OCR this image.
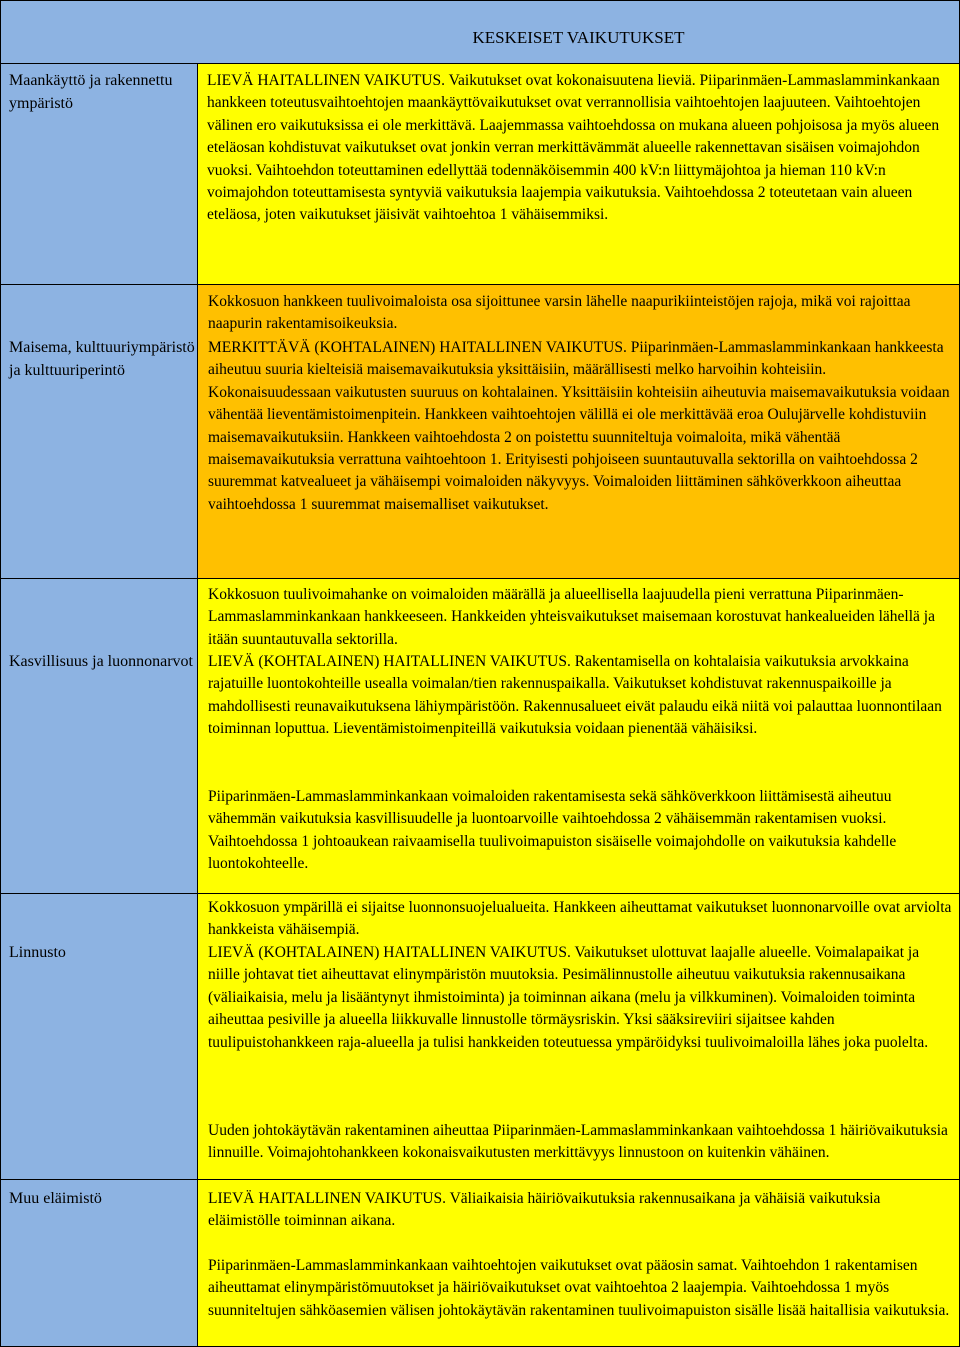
KESKEISET VAIKUTUKSET
Maankäyttö ja rakennettu ympäristö

LIEVÄ HAITALLINEN VAIKUTUS. Vaikutukset ovat kokonaisuutena lieviä. Piiparinmäen-Lammaslamminkankaan hankkeen toteutusvaihtoehtojen maankäyttövaikutukset ovat verrannollisia vaihtoehtojen laajuuteen. Vaihtoehtojen välinen ero vaikutuksissa ei ole merkittävä. Laajemmassa vaihtoehdossa on mukana alueen pohjoisosa ja myös alueen eteläosan kohdistuvat vaikutukset ovat jonkin verran merkittävämmät alueelle rakennettavan sisäisen voimajohdon vuoksi. Vaihtoehdon toteuttaminen edellyttää todennäköisemmin 400 kV:n liittymäjohtoa ja hieman 110 kV:n voimajohdon toteuttamisesta syntyviä vaikutuksia laajempia vaikutuksia. Vaihtoehdossa 2 toteutetaan vain alueen eteläosa, joten vaikutukset jäisivät vaihtoehtoa 1 vähäisemmiksi.

Maisema, kulttuuriympäristö ja kulttuuriperintö

Kokkosuon hankkeen tuulivoimaloista osa sijoittunee varsin lähelle naapurikiinteistöjen rajoja, mikä voi rajoittaa naapurin rakentamisoikeuksia.

MERKITTÄVÄ (KOHTALAINEN) HAITALLINEN VAIKUTUS. Piiparinmäen-Lammaslamminkankaan hankkeesta aiheutuu suuria kielteisiä maisemavaikutuksia yksittäisiin, määrällisesti melko harvoihin kohteisiin. Kokonaisuudessaan vaikutusten suuruus on kohtalainen. Yksittäisiin kohteisiin aiheutuvia maisemavaikutuksia voidaan vähentää lieventämistoimenpitein. Hankkeen vaihtoehtojen välillä ei ole merkittävää eroa Oulujärvelle kohdistuviin maisemavaikutuksiin. Hankkeen vaihtoehdosta 2 on poistettu suunniteltuja voimaloita, mikä vähentää maisemavaikutuksia verrattuna vaihtoehtoon 1. Erityisesti pohjoiseen suuntautuvalla sektorilla on vaihtoehdossa 2 suuremmat katvealueet ja vähäisempi voimaloiden näkyvyys. Voimaloiden liittäminen sähköverkkoon aiheuttaa vaihtoehdossa 1 suuremmat maisemalliset vaikutukset.

Kasvillisuus ja luonnonarvot

Kokkosuon tuulivoimahanke on voimaloiden määrällä ja alueellisella laajuudella pieni verrattuna Piiparinmäen-Lammaslamminkankaan hankkeeseen. Hankkeiden yhteisvaikutukset maisemaan korostuvat hankealueiden lähellä ja itään suuntautuvalla sektorilla.

LIEVÄ (KOHTALAINEN) HAITALLINEN VAIKUTUS. Rakentamisella on kohtalaisia vaikutuksia arvokkaina rajatuille luontokohteille usealla voimalan/tien rakennuspaikalla. Vaikutukset kohdistuvat rakennuspaikoille ja mahdollisesti reunavaikutuksena lähiympäristöön. Rakennusalueet eivät palaudu eikä niitä voi palauttaa luonnontilaan toiminnan loputtua. Lieventämistoimenpiteillä vaikutuksia voidaan pienentää vähäisiksi.

Piiparinmäen-Lammaslamminkankaan voimaloiden rakentamisesta sekä sähköverkkoon liittämisestä aiheutuu vähemmän vaikutuksia kasvillisuudelle ja luontoarvoille vaihtoehdossa 2 vähäisemmän rakentamisen vuoksi. Vaihtoehdossa 1 johtoaukean raivaamisella tuulivoimapuiston sisäiselle voimajohdolle on vaikutuksia kahdelle luontokohteelle.

Linnusto

Kokkosuon ympärillä ei sijaitse luonnonsuojelualueita. Hankkeen aiheuttamat vaikutukset luonnonarvoille ovat arviolta hankkeista vähäisempiä.

LIEVÄ (KOHTALAINEN) HAITALLINEN VAIKUTUS. Vaikutukset ulottuvat laajalle alueelle. Voimalapaikat ja niille johtavat tiet aiheuttavat elinympäristön muutoksia. Pesimälinnustolle aiheutuu vaikutuksia rakennusaikana (väliaikaisia, melu ja lisääntynyt ihmistoiminta) ja toiminnan aikana (melu ja vilkkuminen). Voimaloiden toiminta aiheuttaa pesiville ja alueella liikkuvalle linnustolle törmäysriskin. Yksi sääksireviiri sijaitsee kahden tuulipuistohankkeen raja-alueella ja tulisi hankkeiden toteutuessa ympäröidyksi tuulivoimaloilla lähes joka puolelta.

Uuden johtokäytävän rakentaminen aiheuttaa Piiparinmäen-Lammaslamminkankaan vaihtoehdossa 1 häiriövaikutuksia linnuille. Voimajohtohankkeen kokonaisvaikutusten merkittävyys linnustoon on kuitenkin vähäinen.

Muu eläimistö	LIEVÄ HAITALLINEN VAIKUTUS. Väliaikaisia häiriövaikutuksia rakennusaikana ja vähäisiä vaikutuksia eläimistölle toiminnan aikana.

Piiparinmäen-Lammaslamminkankaan vaihtoehtojen vaikutukset ovat pääosin samat. Vaihtoehdon 1 rakentamisen aiheuttamat elinympäristömuutokset ja häiriövaikutukset ovat vaihtoehtoa 2 laajempia. Vaihtoehdossa 1 myös suunniteltujen sähköasemien välisen johtokäytävän rakentaminen tuulivoimapuiston sisälle lisää haitallisia vaikutuksia.
